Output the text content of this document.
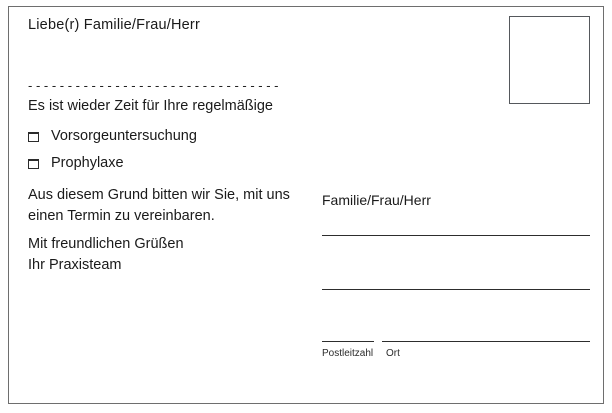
Liebe(r) Familie/Frau/Herr

- - - - - - - - - - - - - - - - - - - - - - - - - - - - - - - -
Es ist wieder Zeit für Ihre regelmäßige
Vorsorgeuntersuchung
Prophylaxe
Aus diesem Grund bitten wir Sie, mit uns einen Termin zu vereinbaren.
Mit freundlichen Grüßen
Ihr Praxisteam
Familie/Frau/Herr
Postleitzahl Ort
